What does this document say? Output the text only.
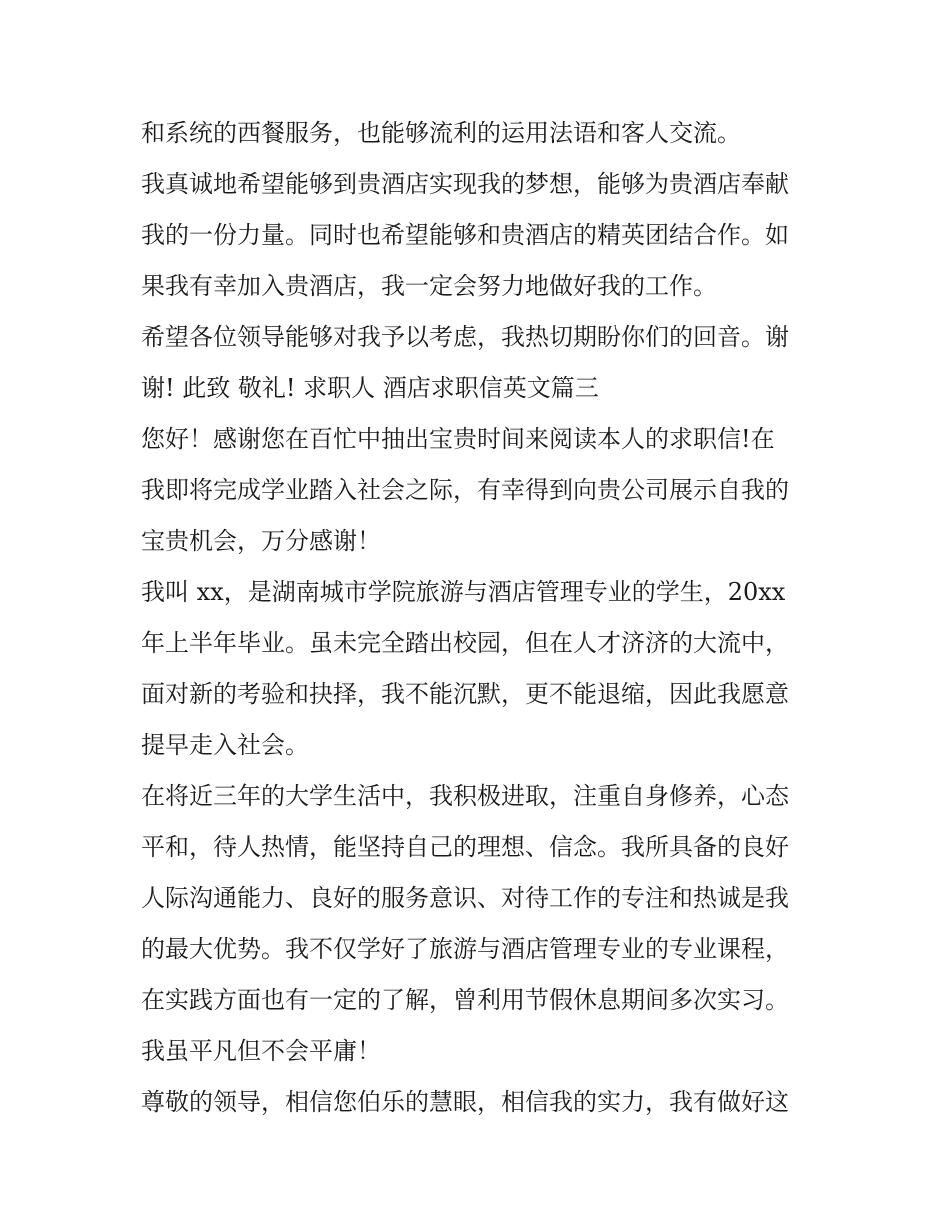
和系统的西餐服务，也能够流利的运用法语和客人交流。
我真诚地希望能够到贵酒店实现我的梦想，能够为贵酒店奉献
我的一份力量。同时也希望能够和贵酒店的精英团结合作。如
果我有幸加入贵酒店，我一定会努力地做好我的工作。
希望各位领导能够对我予以考虑，我热切期盼你们的回音。谢
谢! 此致 敬礼! 求职人 酒店求职信英文篇三
您好！感谢您在百忙中抽出宝贵时间来阅读本人的求职信!在
我即将完成学业踏入社会之际，有幸得到向贵公司展示自我的
宝贵机会，万分感谢！
我叫 xx，是湖南城市学院旅游与酒店管理专业的学生，20xx
年上半年毕业。虽未完全踏出校园，但在人才济济的大流中，
面对新的考验和抉择，我不能沉默，更不能退缩，因此我愿意
提早走入社会。
在将近三年的大学生活中，我积极进取，注重自身修养，心态
平和，待人热情，能坚持自己的理想、信念。我所具备的良好
人际沟通能力、良好的服务意识、对待工作的专注和热诚是我
的最大优势。我不仅学好了旅游与酒店管理专业的专业课程，
在实践方面也有一定的了解，曾利用节假休息期间多次实习。
我虽平凡但不会平庸！
尊敬的领导，相信您伯乐的慧眼，相信我的实力，我有做好这
